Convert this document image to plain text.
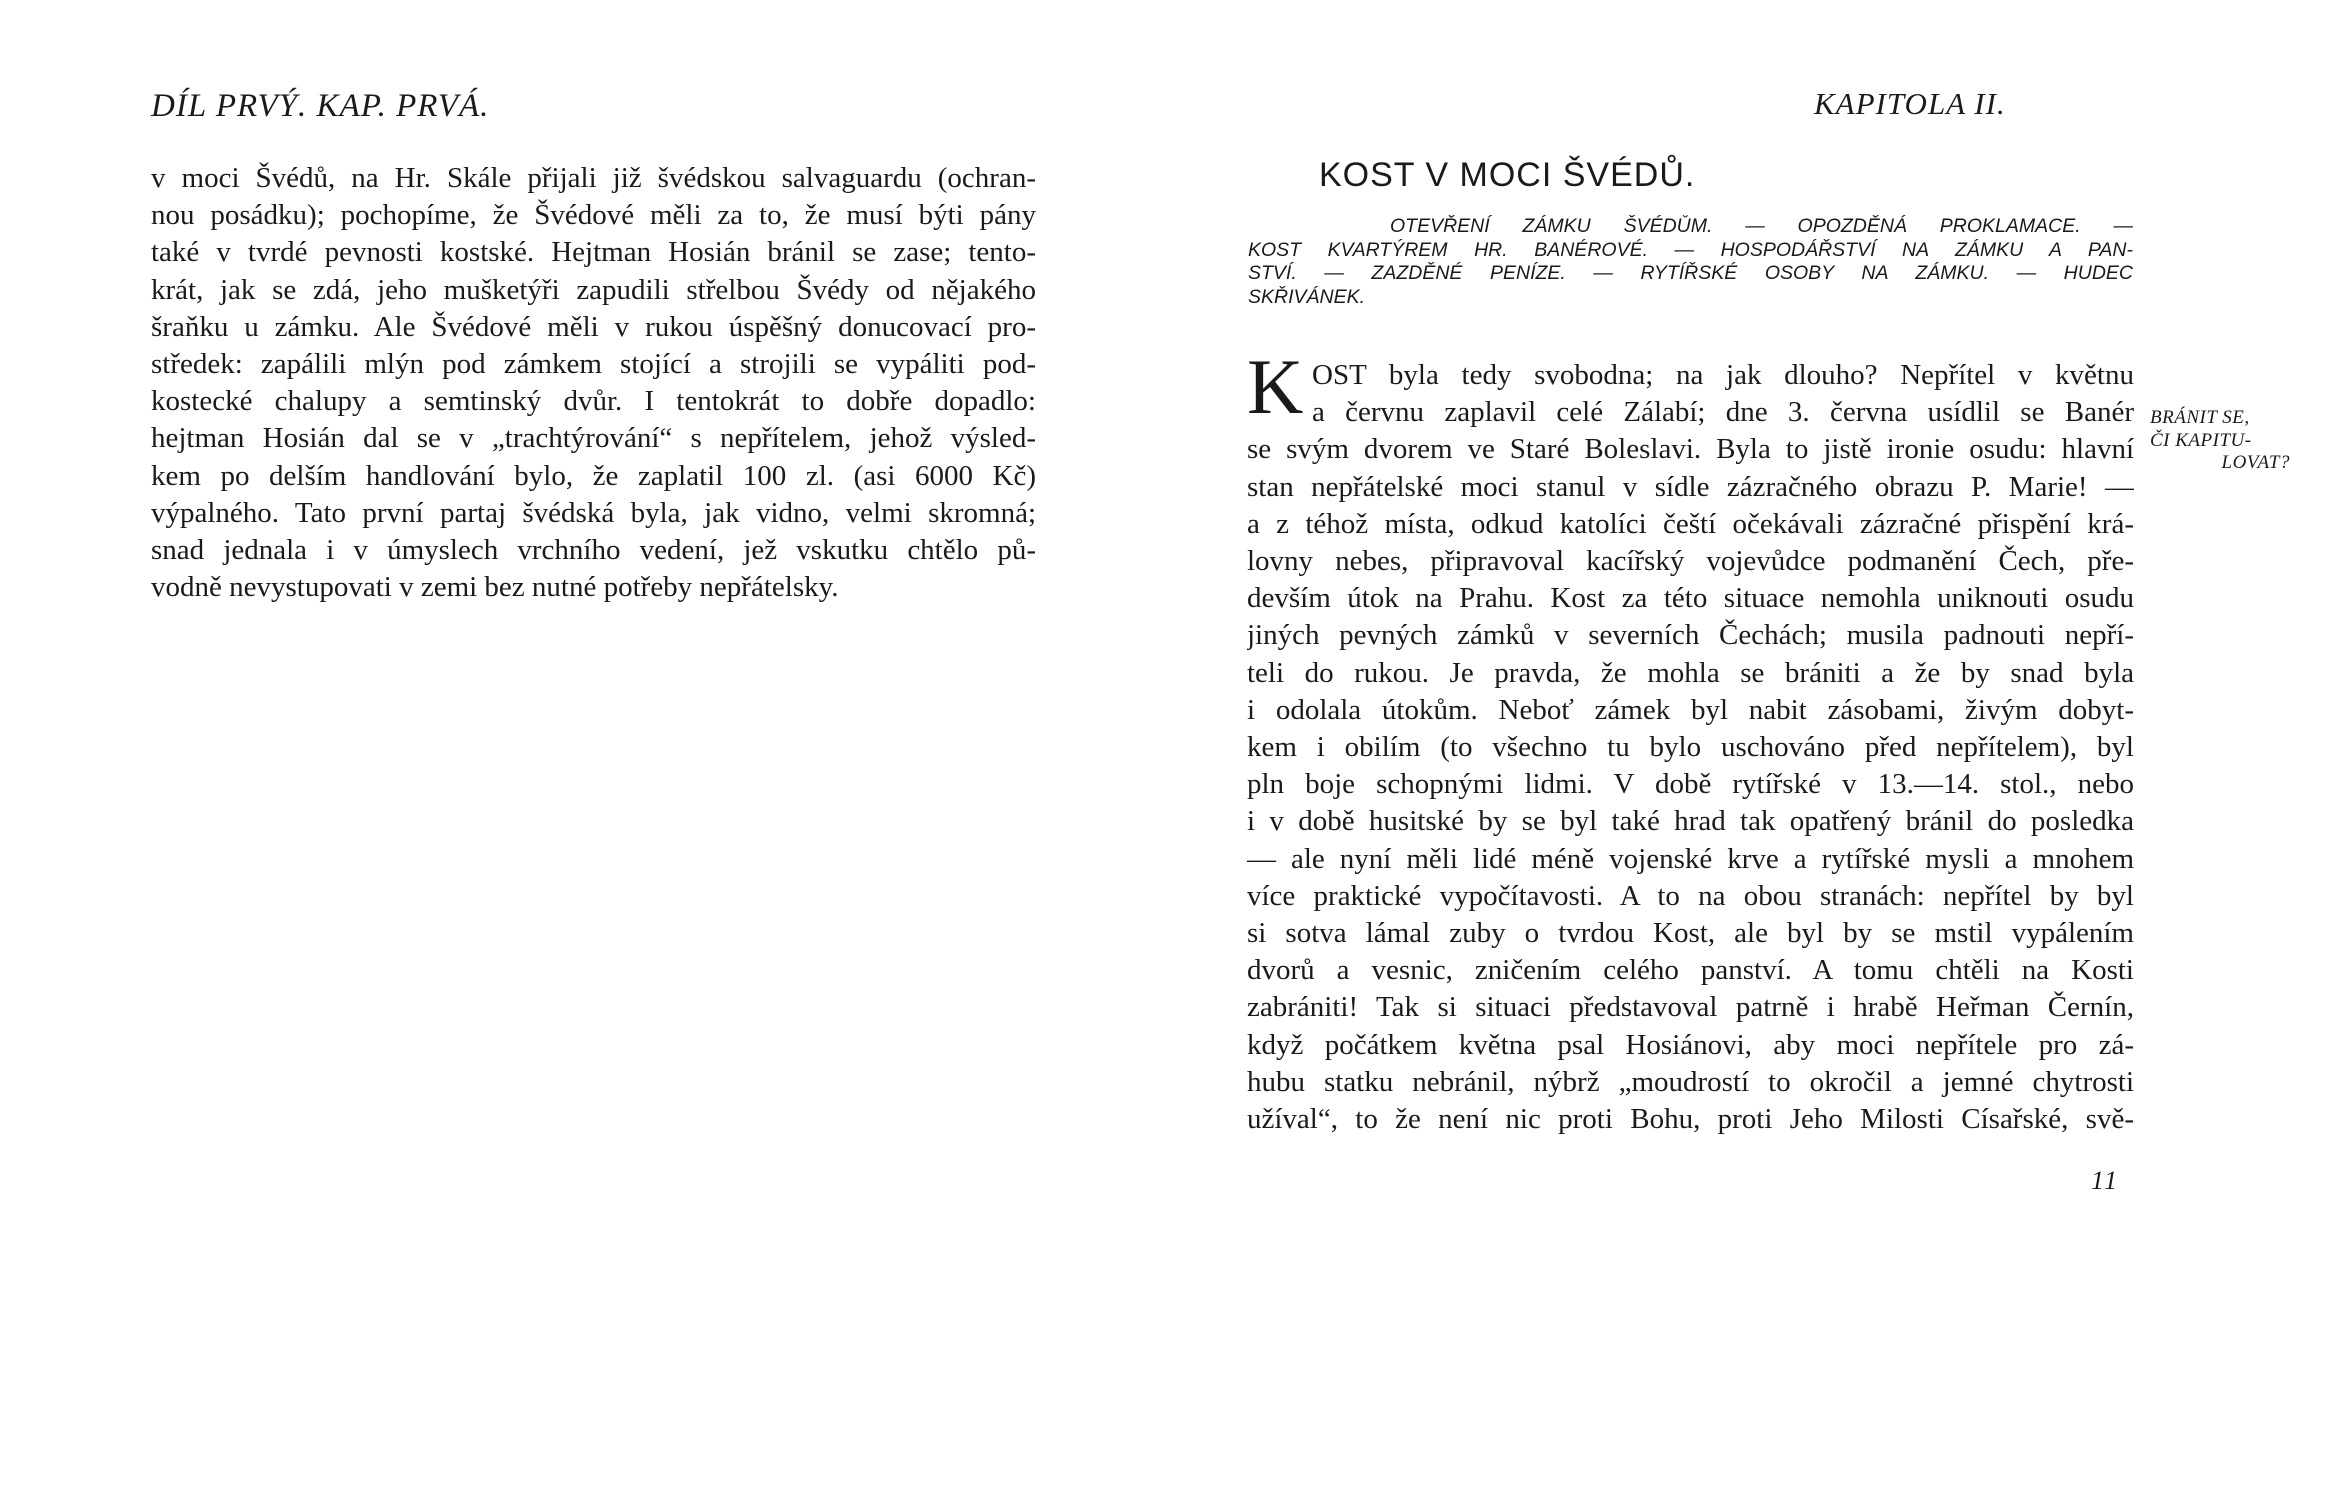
DÍL PRVÝ. KAP. PRVÁ.
v moci Švédů, na Hr. Skále přijali již švédskou salvaguardu (ochran-
nou posádku); pochopíme, že Švédové měli za to, že musí býti pány
také v tvrdé pevnosti kostské. Hejtman Hosián bránil se zase; tento-
krát, jak se zdá, jeho mušketýři zapudili střelbou Švédy od nějakého
šraňku u zámku. Ale Švédové měli v rukou úspěšný donucovací pro-
středek: zapálili mlýn pod zámkem stojící a strojili se vypáliti pod-
kostecké chalupy a semtinský dvůr. I tentokrát to dobře dopadlo:
hejtman Hosián dal se v „trachtýrování“ s nepřítelem, jehož výsled-
kem po delším handlování bylo, že zaplatil 100 zl. (asi 6000 Kč)
výpalného. Tato první partaj švédská byla, jak vidno, velmi skromná;
snad jednala i v úmyslech vrchního vedení, jež vskutku chtělo pů-
vodně nevystupovati v zemi bez nutné potřeby nepřátelsky.
KAPITOLA II.
KOST V MOCI ŠVÉDŮ.
OTEVŘENÍ ZÁMKU ŠVÉDŮM. — OPOZDĚNÁ PROKLAMACE. —
KOST KVARTÝREM HR. BANÉROVÉ. — HOSPODÁŘSTVÍ NA ZÁMKU A PAN-
STVÍ. — ZAZDĚNÉ PENÍZE. — RYTÍŘSKÉ OSOBY NA ZÁMKU. — HUDEC
SKŘIVÁNEK.
K OST byla tedy svobodna; na jak dlouho? Nepřítel v květnu
a červnu zaplavil celé Zálabí; dne 3. června usídlil se Banér
se svým dvorem ve Staré Boleslavi. Byla to jistě ironie osudu: hlavní
stan nepřátelské moci stanul v sídle zázračného obrazu P. Marie! —
a z téhož místa, odkud katolíci čeští očekávali zázračné přispění krá-
lovny nebes, připravoval kacířský vojevůdce podmanění Čech, pře-
devším útok na Prahu. Kost za této situace nemohla uniknouti osudu
jiných pevných zámků v severních Čechách; musila padnouti nepří-
teli do rukou. Je pravda, že mohla se brániti a že by snad byla
i odolala útokům. Neboť zámek byl nabit zásobami, živým dobyt-
kem i obilím (to všechno tu bylo uschováno před nepřítelem), byl
pln boje schopnými lidmi. V době rytířské v 13.—14. stol., nebo
i v době husitské by se byl také hrad tak opatřený bránil do posledka
— ale nyní měli lidé méně vojenské krve a rytířské mysli a mnohem
více praktické vypočítavosti. A to na obou stranách: nepřítel by byl
si sotva lámal zuby o tvrdou Kost, ale byl by se mstil vypálením
dvorů a vesnic, zničením celého panství. A tomu chtěli na Kosti
zabrániti! Tak si situaci představoval patrně i hrabě Heřman Černín,
když počátkem května psal Hosiánovi, aby moci nepřítele pro zá-
hubu statku nebránil, nýbrž „moudrostí to okročil a jemné chytrosti
užíval“, to že není nic proti Bohu, proti Jeho Milosti Císařské, svě-
BRÁNIT SE,
ČI KAPITU-
LOVAT?
11
